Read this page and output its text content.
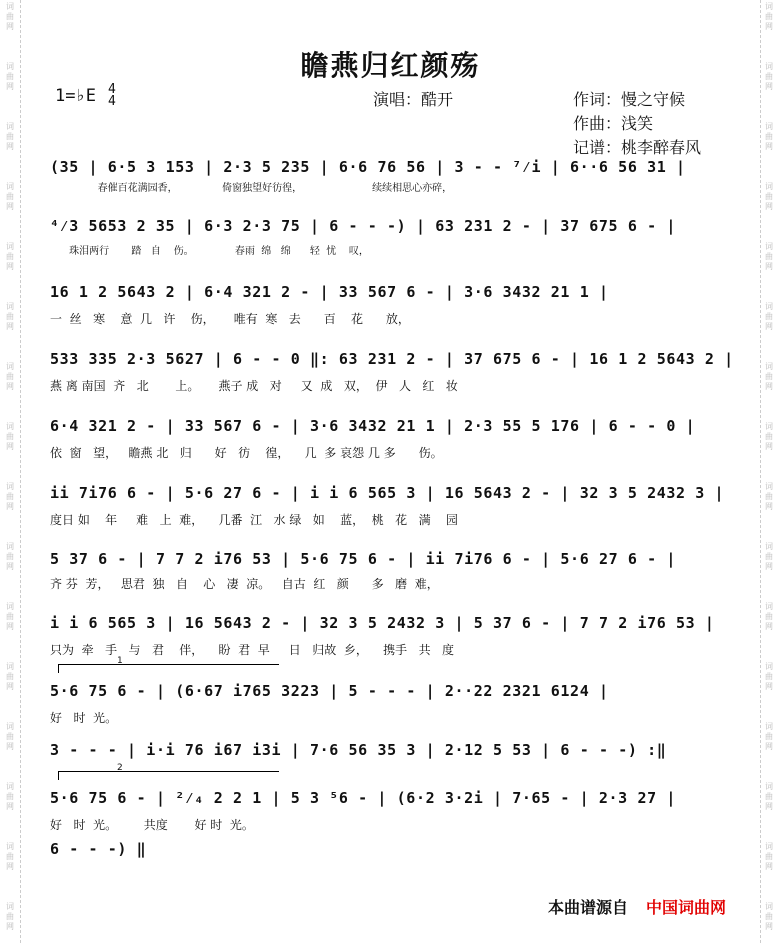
词
曲
网
词
曲
网
词
曲
网
词
曲
网
词
曲
网
词
曲
网
词
曲
网
词
曲
网
词
曲
网
词
曲
网
词
曲
网
词
曲
网
词
曲
网
词
曲
网
词
曲
网
词
曲
网
词
曲
网
词
曲
网
词
曲
网
词
曲
网
词
曲
网
词
曲
网
词
曲
网
词
曲
网
词
曲
网
词
曲
网
词
曲
网
词
曲
网
词
曲
网
词
曲
网
词
曲
网
词
曲
网
瞻燕归红颜殇
1=♭E 4
4	演唱：酷开	作词：慢之守候
作曲：浅笑
记谱：桃李醉春风
(35 | 6·5 3 153 | 2·3 5 235 | 6·6 76 56 | 3 - - ⁷⁄i | 6··6 56 31 |
春催百花满园香，              倚窗独望好彷徨，                      续续相思心亦碎，
⁴⁄3 5653 2 35 | 6·3 2·3 75 | 6 - - -) | 63 231 2 - | 37 675 6 - |
珠泪两行       踏   自    伤。             春雨  绵   绵      轻  忧    叹，
16 1 2 5643 2 | 6·4 321 2 - | 33 567 6 - | 3·6 3432 21 1 |
一  丝   寒    意  几   许    伤，     唯有  寒   去      百    花      放，
533 335 2·3 5627 | 6 - - 0 ‖: 63 231 2 - | 37 675 6 - | 16 1 2 5643 2 |
燕 离 南国  齐   北       上。     燕子 成   对     又  成   双，  伊   人   红   妆
6·4 321 2 - | 33 567 6 - | 3·6 3432 21 1 | 2·3 55 5 176 | 6 - - 0 |
依  窗   望，   瞻燕 北   归      好   彷    徨，    几  多 哀怨 几 多      伤。
ii 7i76 6 - | 5·6 27 6 - | i i 6 565 3 | 16 5643 2 - | 32 3 5 2432 3 |
度日 如    年     难   上  难，    几番  江   水 绿   如    蓝，  桃   花   满    园
5 37 6 - | 7 7 2 i76 53 | 5·6 75 6 - | ii 7i76 6 - | 5·6 27 6 - |
齐 芬  芳，   思君  独   自    心   凄  凉。   自古  红   颜      多   磨  难，
i i 6 565 3 | 16 5643 2 - | 32 3 5 2432 3 | 5 37 6 - | 7 7 2 i76 53 |
只为  牵   手   与   君    伴，    盼  君  早     日   归故  乡，    携手   共   度
1
5·6 75 6 - | (6·67 i765 3223 | 5 - - - | 2··22 2321 6124 |
好   时  光。
3 - - - | i·i 76 i67 i3i | 7·6 56 35 3 | 2·12 5 53 | 6 - - -) :‖
2
5·6 75 6 - | ²⁄₄ 2 2 1 | 5 3 ⁵6 - | (6·2 3·2i | 7·65 - | 2·3 27 |
好   时  光。       共度       好 时  光。
6 - - -) ‖
本曲谱源自 中国词曲网
